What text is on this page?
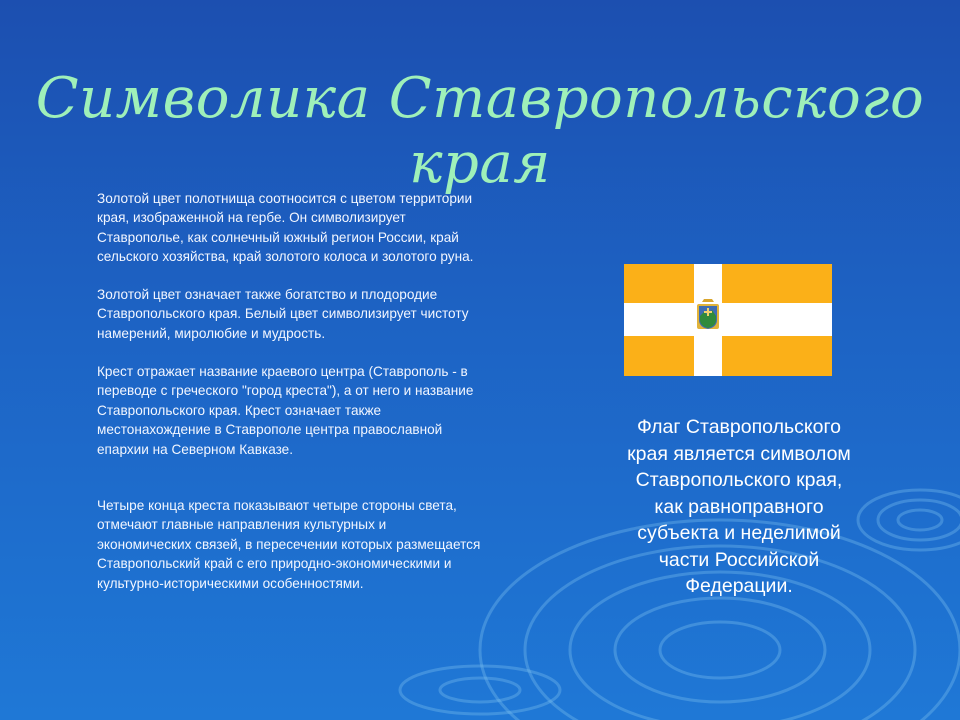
Символика Ставропольского края

Золотой цвет полотнища соотносится с цветом территории
края, изображенной на гербе. Он символизирует
Ставрополье, как солнечный южный регион России, край
сельского хозяйства, край золотого колоса и золотого руна.

Золотой цвет означает также богатство и плодородие
Ставропольского края. Белый цвет символизирует чистоту
намерений, миролюбие и мудрость.

Крест отражает название краевого центра (Ставрополь - в
переводе с греческого "город креста"), а от него и название
Ставропольского края. Крест означает также
местонахождение в Ставрополе центра православной
епархии на Северном Кавказе.

Четыре конца креста показывают четыре стороны света,
отмечают главные направления культурных и
экономических связей, в пересечении которых размещается
Ставропольский край с его природно-экономическими и
культурно-историческими особенностями.

Флаг Ставропольского
края является символом
Ставропольского края,
как равноправного
субъекта и неделимой
части Российской
Федерации.
